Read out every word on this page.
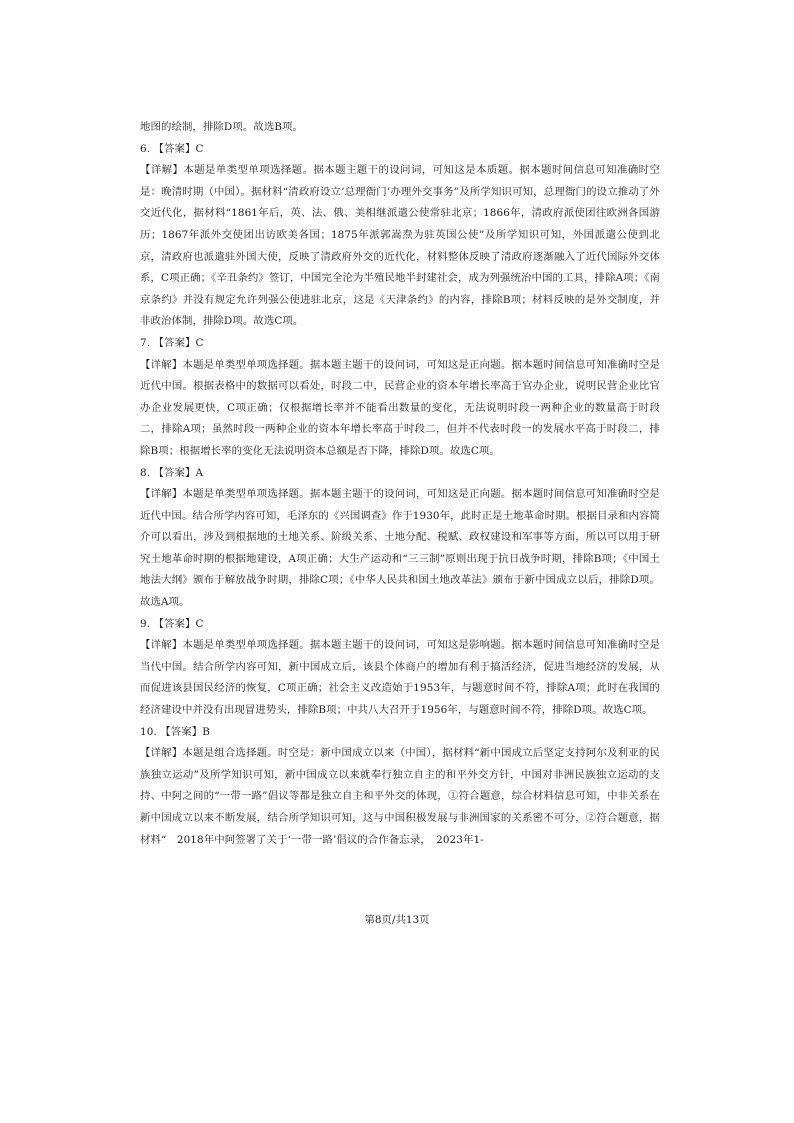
地图的绘制，排除D项。故选B项。

6. 【答案】C

【详解】本题是单类型单项选择题。据本题主题干的设问词，可知这是本质题。据本题时间信息可知准确时空是：晚清时期（中国）。据材料“清政府设立‘总理衙门’办理外交事务”及所学知识可知，总理衙门的设立推动了外交近代化，据材料“1861年后，英、法、俄、美相继派遣公使常驻北京；1866年，清政府派使团往欧洲各国游历；1867年派外交使团出访欧美各国；1875年派郭嵩焘为驻英国公使”及所学知识可知，外国派遣公使到北京，清政府也派遣驻外国大使，反映了清政府外交的近代化，材料整体反映了清政府逐渐融入了近代国际外交体系，C项正确；《辛丑条约》签订，中国完全沦为半殖民地半封建社会，成为列强统治中国的工具，排除A项；《南京条约》并没有规定允许列强公使进驻北京，这是《天津条约》的内容，排除B项；材料反映的是外交制度，并非政治体制，排除D项。故选C项。

7. 【答案】C

【详解】本题是单类型单项选择题。据本题主题干的设问词，可知这是正向题。据本题时间信息可知准确时空是近代中国。根据表格中的数据可以看处，时段二中，民营企业的资本年增长率高于官办企业，说明民营企业比官办企业发展更快，C项正确；仅根据增长率并不能看出数量的变化，无法说明时段一两种企业的数量高于时段二，排除A项；虽然时段一两种企业的资本年增长率高于时段二，但并不代表时段一的发展水平高于时段二，排除B项；根据增长率的变化无法说明资本总额是否下降，排除D项。故选C项。

8. 【答案】A

【详解】本题是单类型单项选择题。据本题主题干的设问词，可知这是正向题。据本题时间信息可知准确时空是近代中国。结合所学内容可知，毛泽东的《兴国调查》作于1930年，此时正是土地革命时期。根据目录和内容简介可以看出，涉及到根据地的土地关系、阶级关系、土地分配、税赋、政权建设和军事等方面，所以可以用于研究土地革命时期的根据地建设，A项正确；大生产运动和“三三制”原则出现于抗日战争时期，排除B项；《中国土地法大纲》颁布于解放战争时期，排除C项；《中华人民共和国土地改革法》颁布于新中国成立以后，排除D项。故选A项。

9. 【答案】C

【详解】本题是单类型单项选择题。据本题主题干的设问词，可知这是影响题。据本题时间信息可知准确时空是当代中国。结合所学内容可知，新中国成立后，该县个体商户的增加有利于搞活经济，促进当地经济的发展，从而促进该县国民经济的恢复，C项正确；社会主义改造始于1953年，与题意时间不符，排除A项；此时在我国的经济建设中并没有出现冒进势头，排除B项；中共八大召开于1956年，与题意时间不符，排除D项。故选C项。

10. 【答案】B

【详解】本题是组合选择题。时空是：新中国成立以来（中国），据材料“新中国成立后坚定支持阿尔及利亚的民族独立运动”及所学知识可知，新中国成立以来就奉行独立自主的和平外交方针，中国对非洲民族独立运动的支持、中阿之间的“一带一路”倡议等都是独立自主和平外交的体现，①符合题意，综合材料信息可知，中非关系在新中国成立以来不断发展，结合所学知识可知，这与中国积极发展与非洲国家的关系密不可分，②符合题意，据材料“　2018年中阿签署了关于‘一带一路’倡议的合作备忘录，　2023年1-

第8页/共13页
